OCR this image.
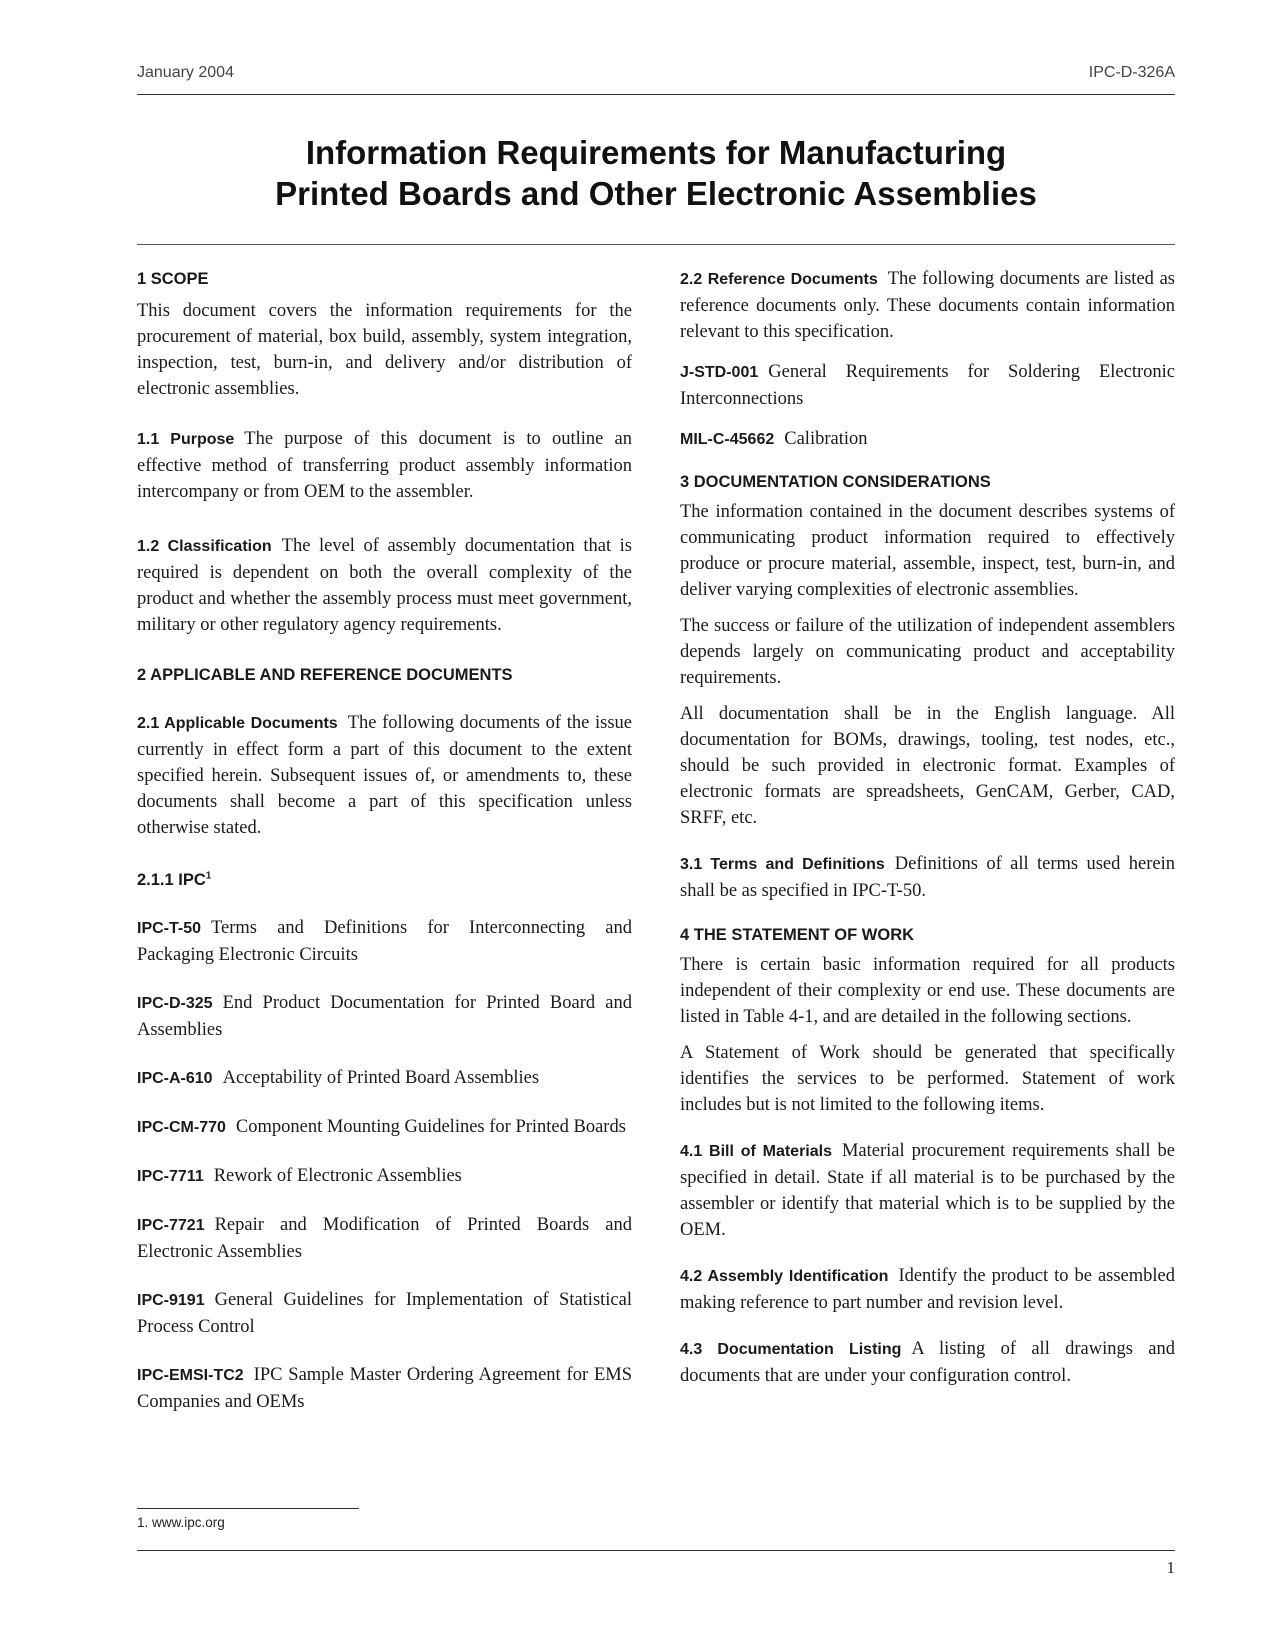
January 2004	IPC-D-326A
Information Requirements for Manufacturing
Printed Boards and Other Electronic Assemblies
1 SCOPE

This document covers the information requirements for the procurement of material, box build, assembly, system integration, inspection, test, burn-in, and delivery and/or distribution of electronic assemblies.

1.1 Purpose The purpose of this document is to outline an effective method of transferring product assembly information intercompany or from OEM to the assembler.

1.2 Classification The level of assembly documentation that is required is dependent on both the overall complexity of the product and whether the assembly process must meet government, military or other regulatory agency requirements.

2 APPLICABLE AND REFERENCE DOCUMENTS

2.1 Applicable Documents The following documents of the issue currently in effect form a part of this document to the extent specified herein. Subsequent issues of, or amendments to, these documents shall become a part of this specification unless otherwise stated.

2.1.1 IPC$^1$

IPC-T-50 Terms and Definitions for Interconnecting and Packaging Electronic Circuits

IPC-D-325 End Product Documentation for Printed Board and Assemblies

IPC-A-610 Acceptability of Printed Board Assemblies

IPC-CM-770 Component Mounting Guidelines for Printed Boards

IPC-7711 Rework of Electronic Assemblies

IPC-7721 Repair and Modification of Printed Boards and Electronic Assemblies

IPC-9191 General Guidelines for Implementation of Statistical Process Control

IPC-EMSI-TC2 IPC Sample Master Ordering Agreement for EMS Companies and OEMs

2.2 Reference Documents The following documents are listed as reference documents only. These documents contain information relevant to this specification.

J-STD-001 General Requirements for Soldering Electronic Interconnections

MIL-C-45662 Calibration

3 DOCUMENTATION CONSIDERATIONS

The information contained in the document describes systems of communicating product information required to effectively produce or procure material, assemble, inspect, test, burn-in, and deliver varying complexities of electronic assemblies.

The success or failure of the utilization of independent assemblers depends largely on communicating product and acceptability requirements.

All documentation shall be in the English language. All documentation for BOMs, drawings, tooling, test nodes, etc., should be such provided in electronic format. Examples of electronic formats are spreadsheets, GenCAM, Gerber, CAD, SRFF, etc.

3.1 Terms and Definitions Definitions of all terms used herein shall be as specified in IPC-T-50.

4 THE STATEMENT OF WORK

There is certain basic information required for all products independent of their complexity or end use. These documents are listed in Table 4-1, and are detailed in the following sections.

A Statement of Work should be generated that specifically identifies the services to be performed. Statement of work includes but is not limited to the following items.

4.1 Bill of Materials Material procurement requirements shall be specified in detail. State if all material is to be purchased by the assembler or identify that material which is to be supplied by the OEM.

4.2 Assembly Identification Identify the product to be assembled making reference to part number and revision level.

4.3 Documentation Listing A listing of all drawings and documents that are under your configuration control.

1. www.ipc.org
1
